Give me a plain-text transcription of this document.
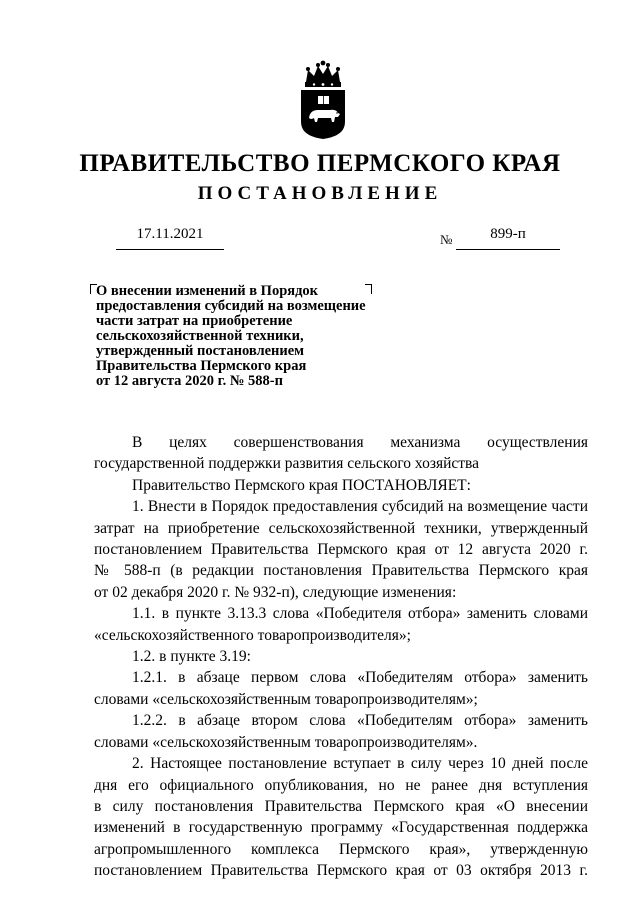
ПРАВИТЕЛЬСТВО ПЕРМСКОГО КРАЯ
ПОСТАНОВЛЕНИЕ
17.11.2021	№	899-п
О внесении изменений в Порядок
предоставления субсидий на возмещение
части затрат на приобретение
сельскохозяйственной техники,
утвержденный постановлением
Правительства Пермского края
от 12 августа 2020 г. № 588-п
В целях совершенствования механизма осуществления
государственной поддержки развития сельского хозяйства
Правительство Пермского края ПОСТАНОВЛЯЕТ:
1. Внести в Порядок предоставления субсидий на возмещение части
затрат на приобретение сельскохозяйственной техники, утвержденный
постановлением Правительства Пермского края от 12 августа 2020 г.
№ 588-п (в редакции постановления Правительства Пермского края
от 02 декабря 2020 г. № 932-п), следующие изменения:
1.1. в пункте 3.13.3 слова «Победителя отбора» заменить словами
«сельскохозяйственного товаропроизводителя»;
1.2. в пункте 3.19:
1.2.1. в абзаце первом слова «Победителям отбора» заменить
словами «сельскохозяйственным товаропроизводителям»;
1.2.2. в абзаце втором слова «Победителям отбора» заменить
словами «сельскохозяйственным товаропроизводителям».
2. Настоящее постановление вступает в силу через 10 дней после
дня его официального опубликования, но не ранее дня вступления
в силу постановления Правительства Пермского края «О внесении
изменений в государственную программу «Государственная поддержка
агропромышленного комплекса Пермского края», утвержденную
постановлением Правительства Пермского края от 03 октября 2013 г.
